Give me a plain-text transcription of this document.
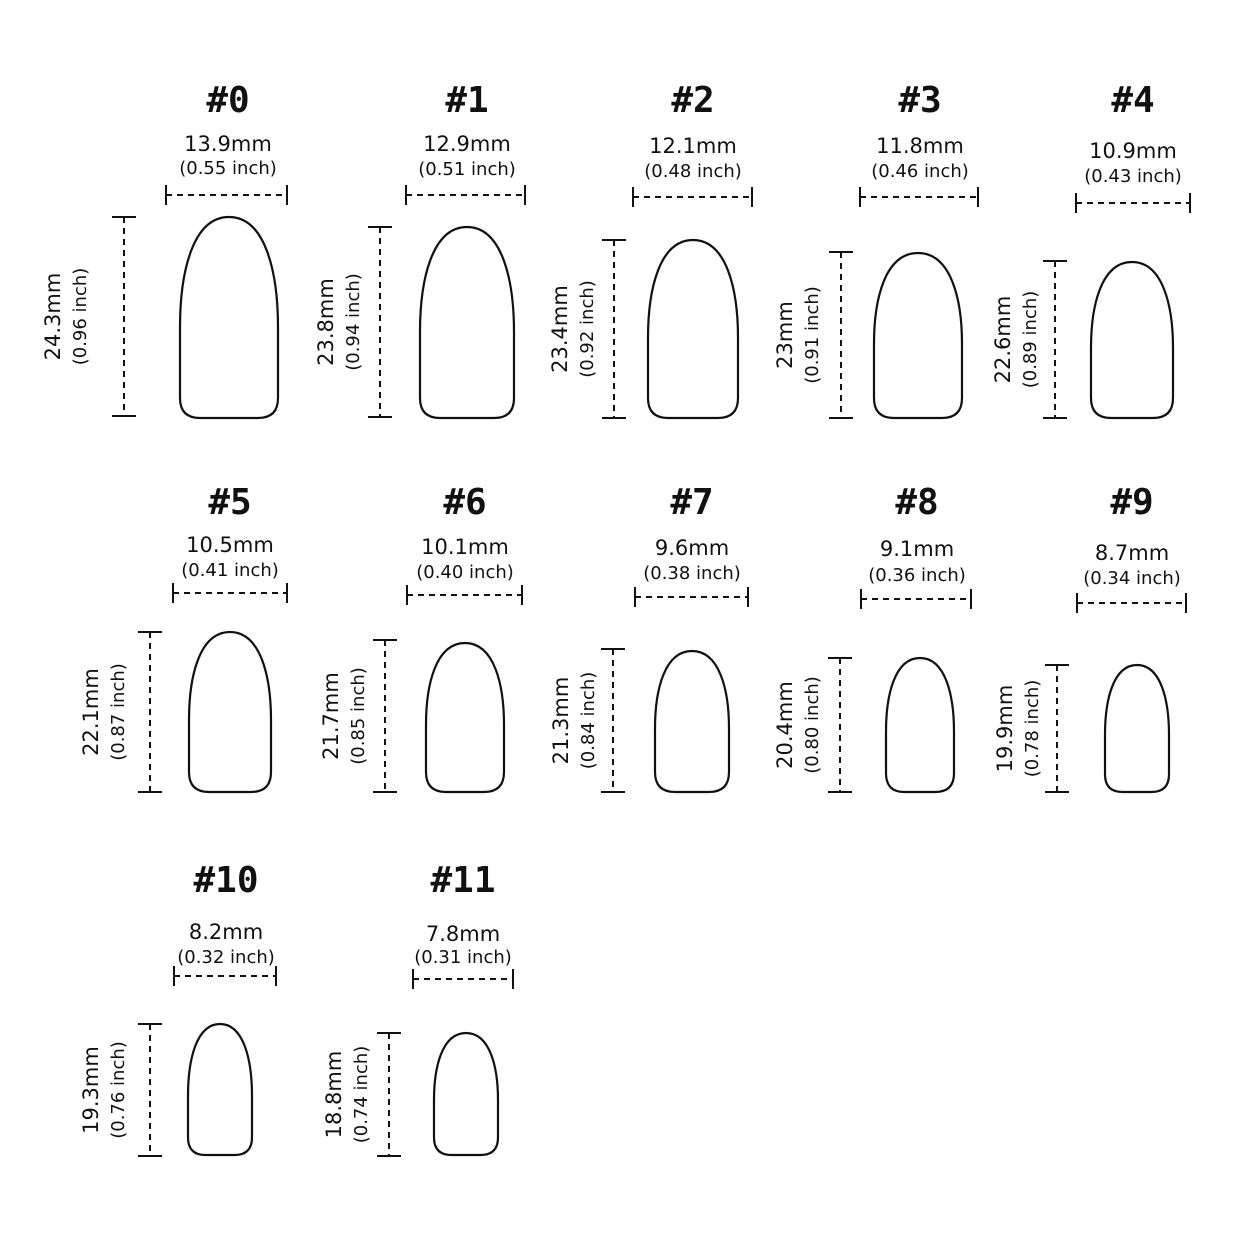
#0
13.9mm
(0.55 inch)
24.3mm (0.96 inch)
#1
12.9mm
(0.51 inch)
23.8mm (0.94 inch)
#2
12.1mm
(0.48 inch)
23.4mm (0.92 inch)
#3
11.8mm
(0.46 inch)
23mm (0.91 inch)
#4
10.9mm
(0.43 inch)
22.6mm (0.89 inch)
#5
10.5mm
(0.41 inch)
22.1mm (0.87 inch)
#6
10.1mm
(0.40 inch)
21.7mm (0.85 inch)
#7
9.6mm
(0.38 inch)
21.3mm (0.84 inch)
#8
9.1mm
(0.36 inch)
20.4mm (0.80 inch)
#9
8.7mm
(0.34 inch)
19.9mm (0.78 inch)
#10
8.2mm
(0.32 inch)
19.3mm (0.76 inch)
#11
7.8mm
(0.31 inch)
18.8mm (0.74 inch)
